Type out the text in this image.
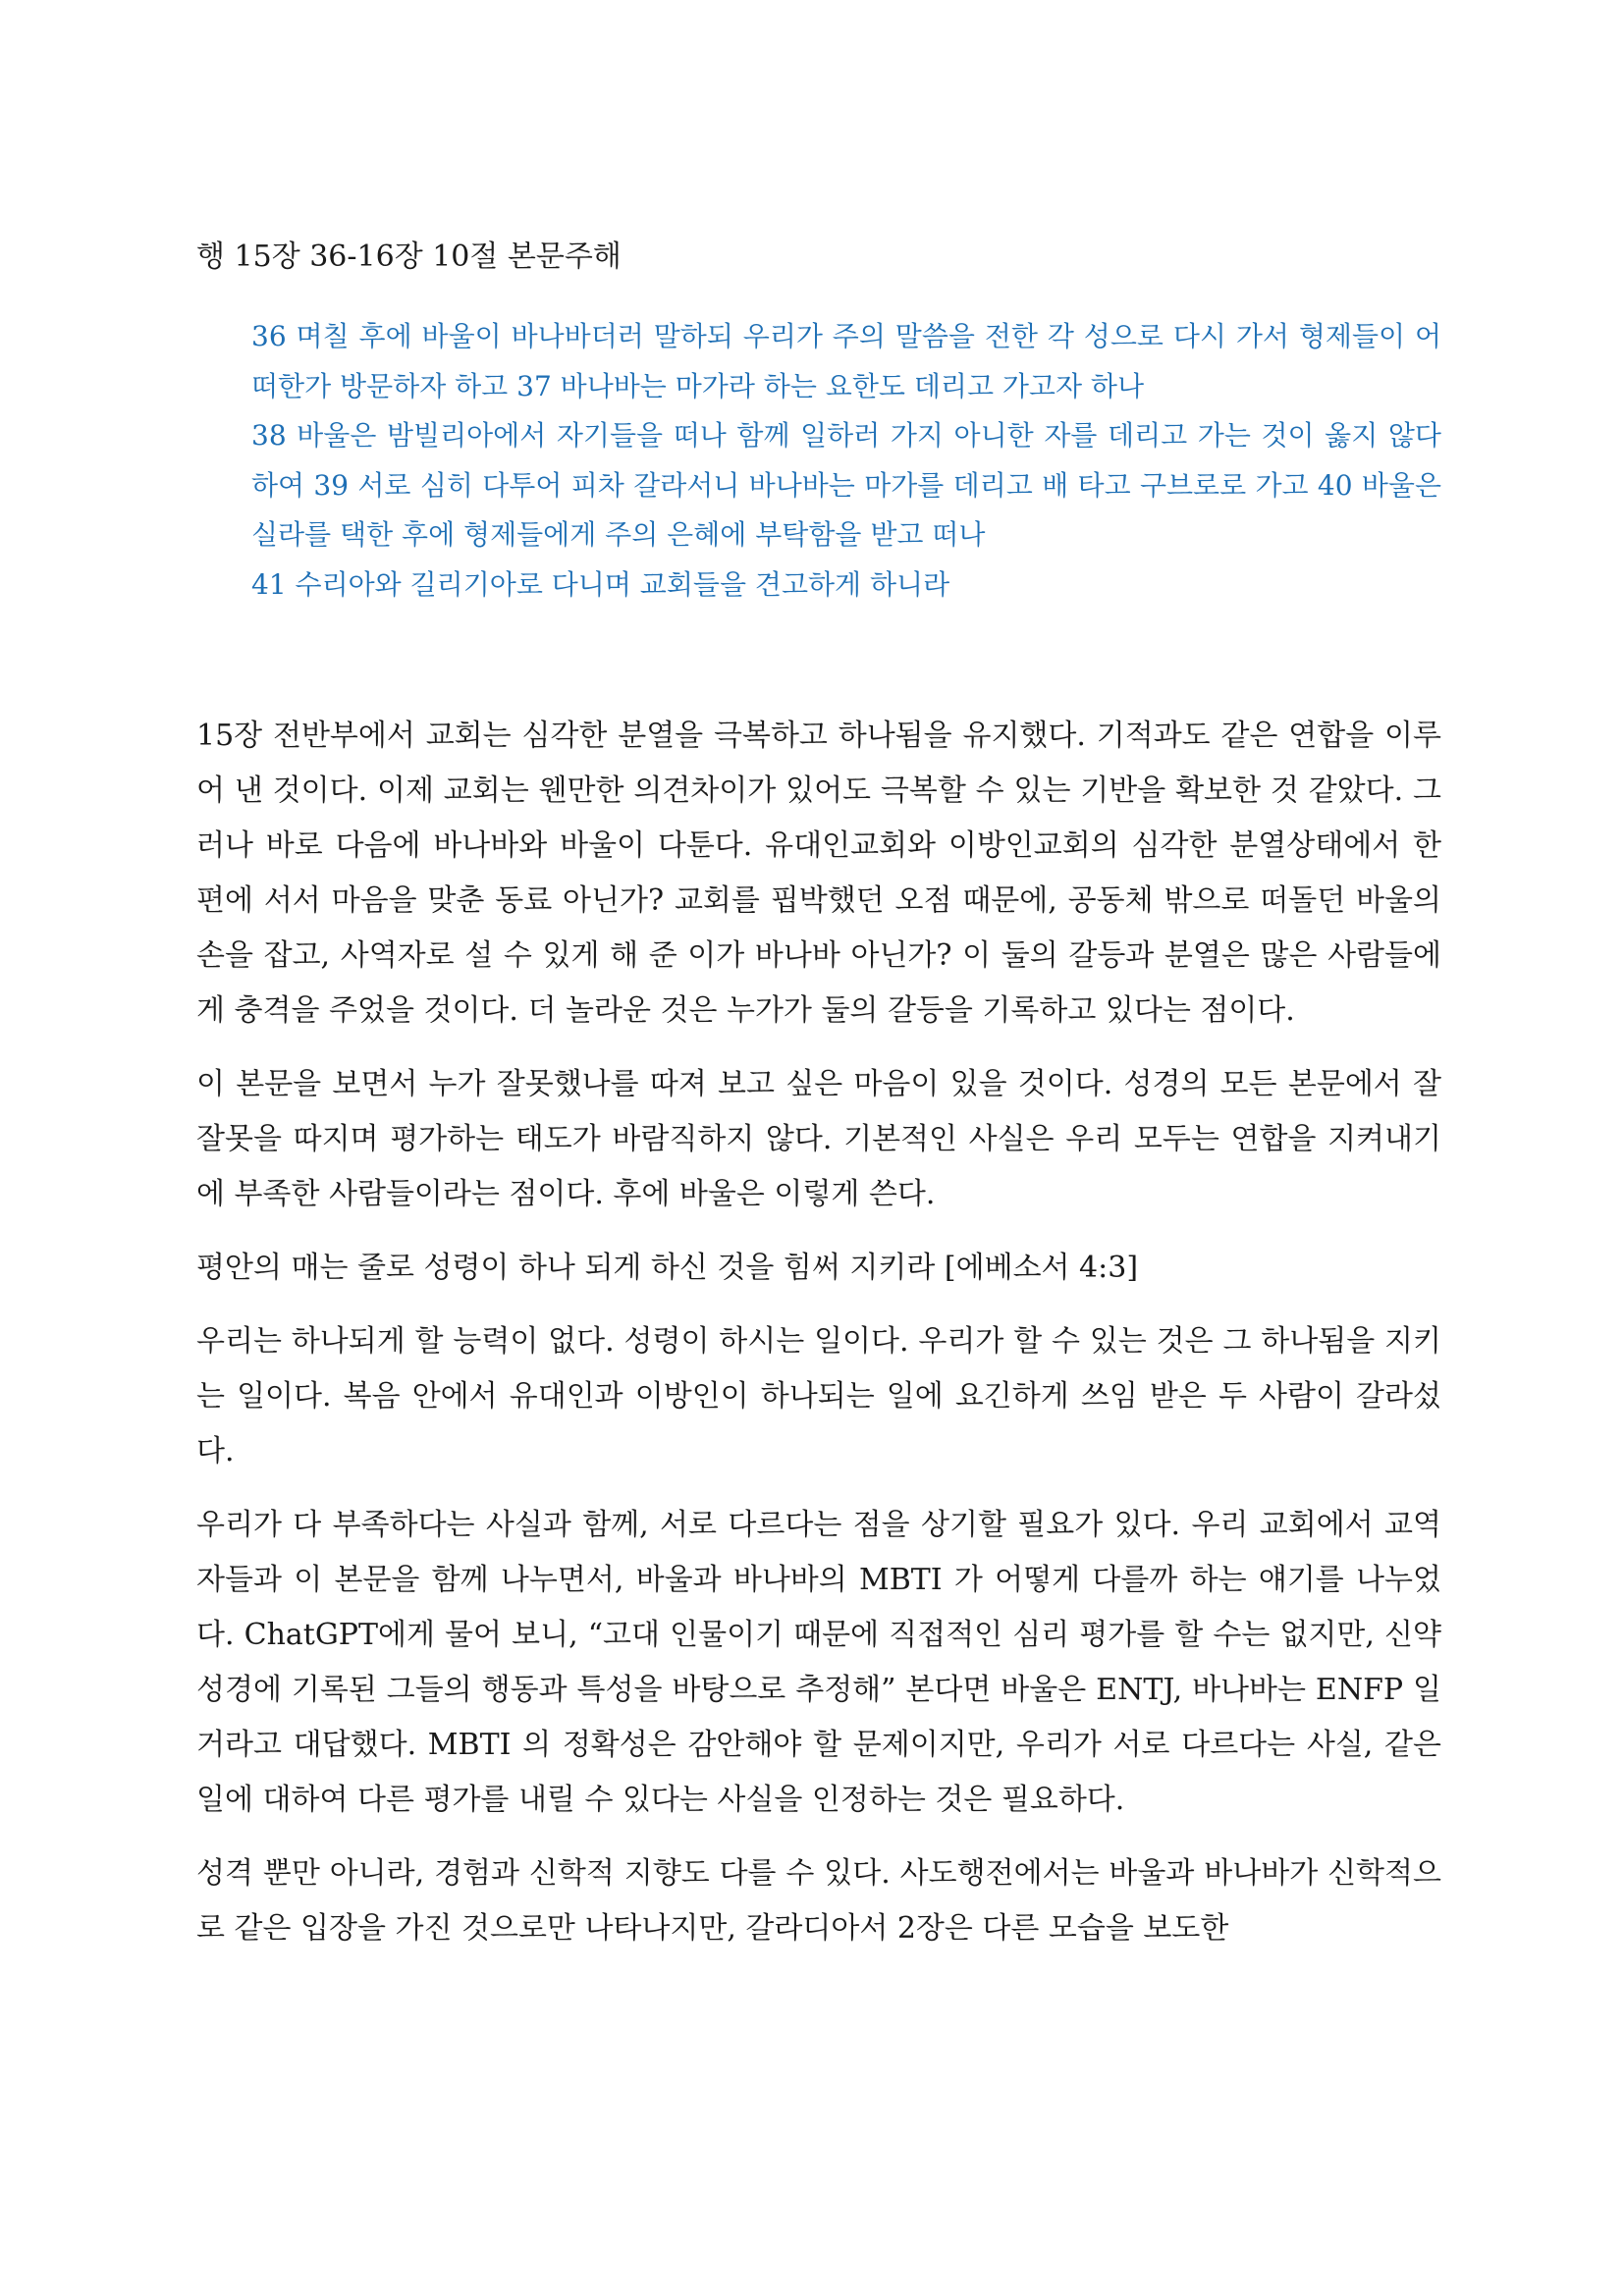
행 15장 36-16장 10절 본문주해

36 며칠 후에 바울이 바나바더러 말하되 우리가 주의 말씀을 전한 각 성으로 다시 가서 형제들이 어떠한가 방문하자 하고 37 바나바는 마가라 하는 요한도 데리고 가고자 하나

38 바울은 밤빌리아에서 자기들을 떠나 함께 일하러 가지 아니한 자를 데리고 가는 것이 옳지 않다 하여 39 서로 심히 다투어 피차 갈라서니 바나바는 마가를 데리고 배 타고 구브로로 가고 40 바울은 실라를 택한 후에 형제들에게 주의 은혜에 부탁함을 받고 떠나

41 수리아와 길리기아로 다니며 교회들을 견고하게 하니라

15장 전반부에서 교회는 심각한 분열을 극복하고 하나됨을 유지했다. 기적과도 같은 연합을 이루어 낸 것이다. 이제 교회는 웬만한 의견차이가 있어도 극복할 수 있는 기반을 확보한 것 같았다. 그러나 바로 다음에 바나바와 바울이 다툰다. 유대인교회와 이방인교회의 심각한 분열상태에서 한 편에 서서 마음을 맞춘 동료 아닌가? 교회를 핍박했던 오점 때문에, 공동체 밖으로 떠돌던 바울의 손을 잡고, 사역자로 설 수 있게 해 준 이가 바나바 아닌가? 이 둘의 갈등과 분열은 많은 사람들에게 충격을 주었을 것이다. 더 놀라운 것은 누가가 둘의 갈등을 기록하고 있다는 점이다.

이 본문을 보면서 누가 잘못했나를 따져 보고 싶은 마음이 있을 것이다. 성경의 모든 본문에서 잘잘못을 따지며 평가하는 태도가 바람직하지 않다. 기본적인 사실은 우리 모두는 연합을 지켜내기에 부족한 사람들이라는 점이다. 후에 바울은 이렇게 쓴다.

평안의 매는 줄로 성령이 하나 되게 하신 것을 힘써 지키라 [에베소서 4:3]

우리는 하나되게 할 능력이 없다. 성령이 하시는 일이다. 우리가 할 수 있는 것은 그 하나됨을 지키는 일이다. 복음 안에서 유대인과 이방인이 하나되는 일에 요긴하게 쓰임 받은 두 사람이 갈라섰다.

우리가 다 부족하다는 사실과 함께, 서로 다르다는 점을 상기할 필요가 있다. 우리 교회에서 교역자들과 이 본문을 함께 나누면서, 바울과 바나바의 MBTI 가 어떻게 다를까 하는 얘기를 나누었다. ChatGPT에게 물어 보니, “고대 인물이기 때문에 직접적인 심리 평가를 할 수는 없지만, 신약성경에 기록된 그들의 행동과 특성을 바탕으로 추정해” 본다면 바울은 ENTJ, 바나바는 ENFP 일 거라고 대답했다. MBTI 의 정확성은 감안해야 할 문제이지만, 우리가 서로 다르다는 사실, 같은 일에 대하여 다른 평가를 내릴 수 있다는 사실을 인정하는 것은 필요하다.

성격 뿐만 아니라, 경험과 신학적 지향도 다를 수 있다. 사도행전에서는 바울과 바나바가 신학적으로 같은 입장을 가진 것으로만 나타나지만, 갈라디아서 2장은 다른 모습을 보도한
